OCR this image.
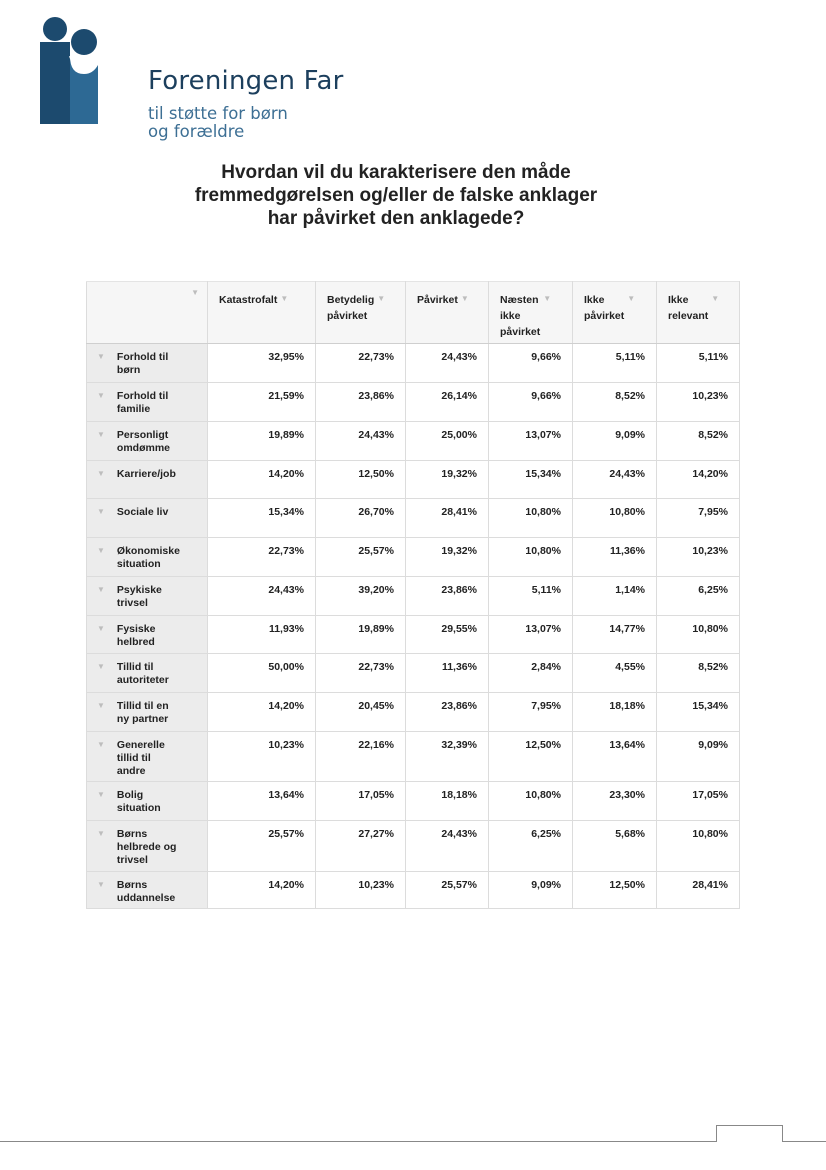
Foreningen Far
til støtte for børn
og forældre
Hvordan vil du karakterisere den måde fremmedgørelsen og/eller de falske anklager har påvirket den anklagede?
▼	Katastrofalt ▼	Betydelig
påvirket
▼	Påvirket ▼	Næsten
ikke
påvirket
▼	Ikke
påvirket
▼	Ikke
relevant
▼

▼ Forhold til
børn	32,95%	22,73%	24,43%	9,66%	5,11%	5,11%

▼ Forhold til
familie	21,59%	23,86%	26,14%	9,66%	8,52%	10,23%

▼ Personligt
omdømme	19,89%	24,43%	25,00%	13,07%	9,09%	8,52%

▼ Karriere/job	14,20%	12,50%	19,32%	15,34%	24,43%	14,20%

▼ Sociale liv	15,34%	26,70%	28,41%	10,80%	10,80%	7,95%

▼ Økonomiske
situation	22,73%	25,57%	19,32%	10,80%	11,36%	10,23%

▼ Psykiske
trivsel	24,43%	39,20%	23,86%	5,11%	1,14%	6,25%

▼ Fysiske
helbred	11,93%	19,89%	29,55%	13,07%	14,77%	10,80%

▼ Tillid til
autoriteter	50,00%	22,73%	11,36%	2,84%	4,55%	8,52%

▼ Tillid til en
ny partner	14,20%	20,45%	23,86%	7,95%	18,18%	15,34%

▼ Generelle
tillid til
andre	10,23%	22,16%	32,39%	12,50%	13,64%	9,09%

▼ Bolig
situation	13,64%	17,05%	18,18%	10,80%	23,30%	17,05%

▼ Børns
helbrede og
trivsel	25,57%	27,27%	24,43%	6,25%	5,68%	10,80%

▼ Børns
uddannelse	14,20%	10,23%	25,57%	9,09%	12,50%	28,41%
